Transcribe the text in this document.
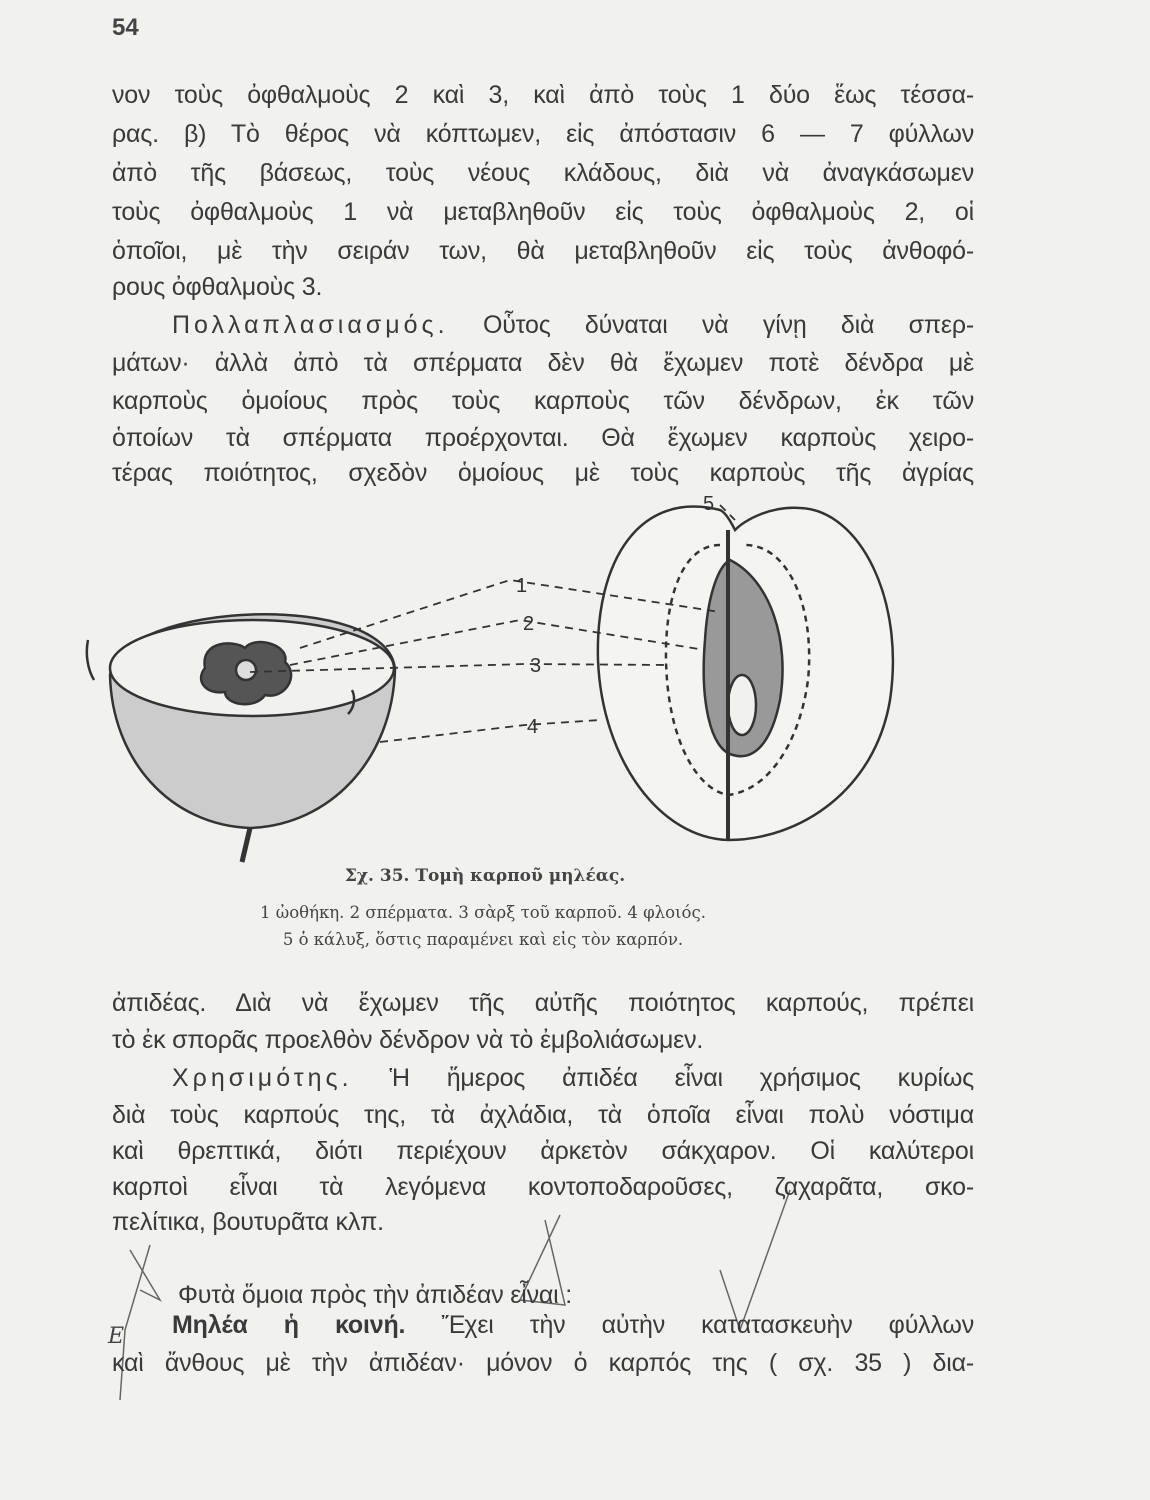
54
νον τοὺς ὀφθαλμοὺς 2 καὶ 3, καὶ ἀπὸ τοὺς 1 δύο ἕως τέσσα-
ρας. β) Τὸ θέρος νὰ κόπτωμεν, εἰς ἀπόστασιν 6 — 7 φύλλων
ἀπὸ τῆς βάσεως, τοὺς νέους κλάδους, διὰ νὰ ἀναγκάσωμεν
τοὺς ὀφθαλμοὺς 1 νὰ μεταβληθοῦν εἰς τοὺς ὀφθαλμοὺς 2, οἱ
ὁποῖοι, μὲ τὴν σειράν των, θὰ μεταβληθοῦν εἰς τοὺς ἀνθοφό-
ρους ὀφθαλμοὺς 3.
Πολλαπλασιασμός. Οὗτος δύναται νὰ γίνῃ διὰ σπερ-
μάτων· ἀλλὰ ἀπὸ τὰ σπέρματα δὲν θὰ ἔχωμεν ποτὲ δένδρα μὲ
καρποὺς ὁμοίους πρὸς τοὺς καρποὺς τῶν δένδρων, ἐκ τῶν
ὁποίων τὰ σπέρματα προέρχονται. Θὰ ἔχωμεν καρποὺς χειρο-
τέρας ποιότητος, σχεδὸν ὁμοίους μὲ τοὺς καρποὺς τῆς ἀγρίας
1
2
3
4
5
E
Σχ. 35. Τομὴ καρποῦ μηλέας.
1 ὠοθήκη. 2 σπέρματα. 3 σὰρξ τοῦ καρποῦ. 4 φλοιός.
5 ὁ κάλυξ, ὅστις παραμένει καὶ εἰς τὸν καρπόν.
ἀπιδέας. Διὰ νὰ ἔχωμεν τῆς αὐτῆς ποιότητος καρπούς, πρέπει
τὸ ἐκ σπορᾶς προελθὸν δένδρον νὰ τὸ ἐμβολιάσωμεν.
Χρησιμότης. Ἡ ἥμερος ἀπιδέα εἶναι χρήσιμος κυρίως
διὰ τοὺς καρπούς της, τὰ ἀχλάδια, τὰ ὁποῖα εἶναι πολὺ νόστιμα
καὶ θρεπτικά, διότι περιέχουν ἀρκετὸν σάκχαρον. Οἱ καλύτεροι
καρποὶ εἶναι τὰ λεγόμενα κοντοποδαροῦσες, ζαχαρᾶτα, σκο-
πελίτικα, βουτυρᾶτα κλπ.
Φυτὰ ὅμοια πρὸς τὴν ἀπιδέαν εἶναι :
Μηλέα ἡ κοινή. Ἔχει τὴν αὐτὴν κατατασκευὴν φύλλων
καὶ ἄνθους μὲ τὴν ἀπιδέαν· μόνον ὁ καρπός της ( σχ. 35 ) δια-
